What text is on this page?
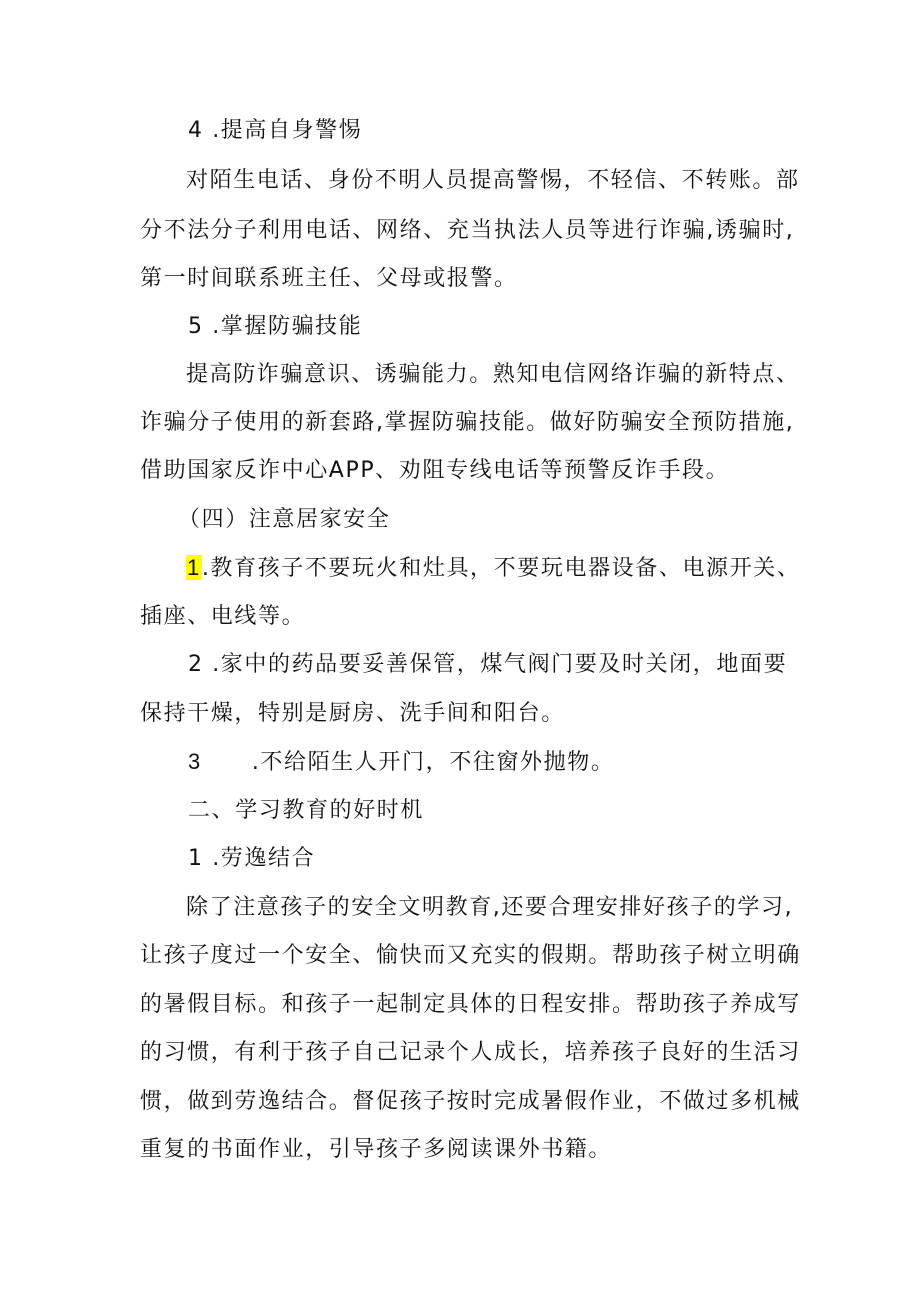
4 .提高自身警惕
对陌生电话、身份不明人员提高警惕，不轻信、不转账。部
分不法分子利用电话、网络、充当执法人员等进行诈骗,诱骗时,
第一时间联系班主任、父母或报警。
5 .掌握防骗技能
提高防诈骗意识、诱骗能力。熟知电信网络诈骗的新特点、
诈骗分子使用的新套路,掌握防骗技能。做好防骗安全预防措施,
借助国家反诈中心APP、劝阻专线电话等预警反诈手段。
（四）注意居家安全
1.教育孩子不要玩火和灶具，不要玩电器设备、电源开关、
插座、电线等。
2 .家中的药品要妥善保管，煤气阀门要及时关闭，地面要
保持干燥，特别是厨房、洗手间和阳台。
3 .不给陌生人开门，不往窗外抛物。
二、学习教育的好时机
1 .劳逸结合
除了注意孩子的安全文明教育,还要合理安排好孩子的学习,
让孩子度过一个安全、愉快而又充实的假期。帮助孩子树立明确
的暑假目标。和孩子一起制定具体的日程安排。帮助孩子养成写
的习惯，有利于孩子自己记录个人成长，培养孩子良好的生活习
惯，做到劳逸结合。督促孩子按时完成暑假作业，不做过多机械
重复的书面作业，引导孩子多阅读课外书籍。
